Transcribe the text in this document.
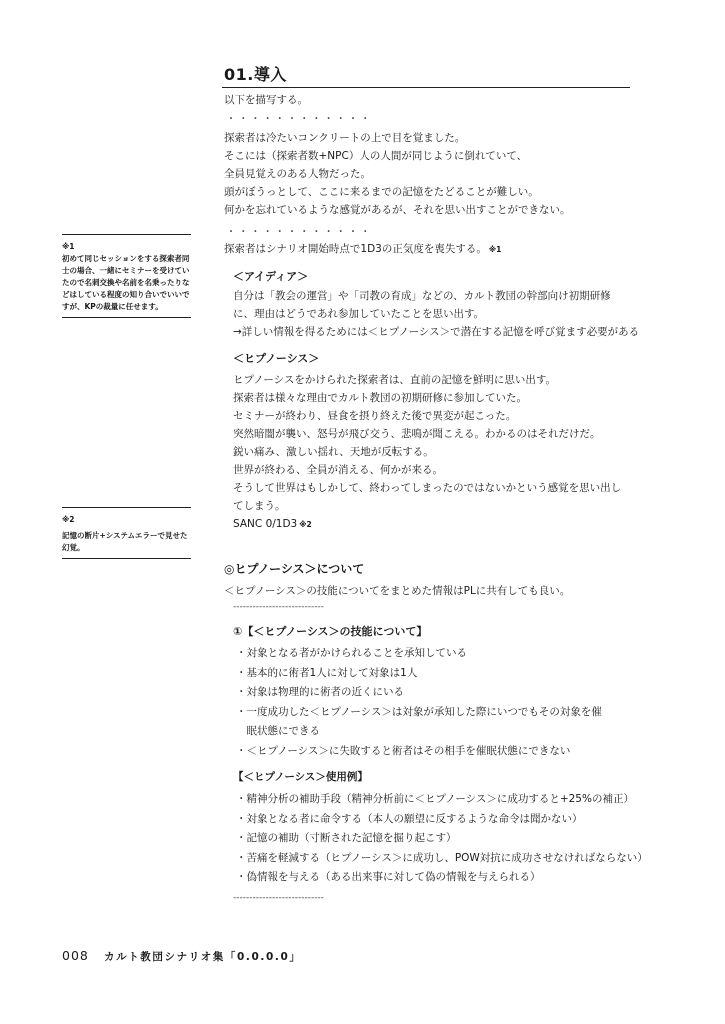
01.導入
以下を描写する。
・・・・・・・・・・・・
探索者は冷たいコンクリートの上で目を覚ました。
そこには（探索者数+NPC）人の人間が同じように倒れていて、
全員見覚えのある人物だった。
頭がぼうっとして、ここに来るまでの記憶をたどることが難しい。
何かを忘れているような感覚があるが、それを思い出すことができない。
・・・・・・・・・・・・
探索者はシナリオ開始時点で1D3の正気度を喪失する。 ※1
＜アイディア＞
自分は「教会の運営」や「司教の育成」などの、カルト教団の幹部向け初期研修
に、理由はどうであれ参加していたことを思い出す。
→詳しい情報を得るためには＜ヒプノーシス＞で潜在する記憶を呼び覚ます必要がある
＜ヒプノーシス＞
ヒプノーシスをかけられた探索者は、直前の記憶を鮮明に思い出す。
探索者は様々な理由でカルト教団の初期研修に参加していた。
セミナーが終わり、昼食を摂り終えた後で異変が起こった。
突然暗闇が襲い、怒号が飛び交う、悲鳴が聞こえる。わかるのはそれだけだ。
鋭い痛み、激しい揺れ、天地が反転する。
世界が終わる、全員が消える、何かが来る。
そうして世界はもしかして、終わってしまったのではないかという感覚を思い出し
てしまう。
SANC 0/1D3 ※2
◎ヒプノーシス＞について
＜ヒプノーシス＞の技能についてをまとめた情報はPLに共有しても良い。
----------------------------
①【＜ヒプノーシス＞の技能について】
・対象となる者がかけられることを承知している
・基本的に術者1人に対して対象は1人
・対象は物理的に術者の近くにいる
・一度成功した＜ヒプノーシス＞は対象が承知した際にいつでもその対象を催
　眠状態にできる
・＜ヒプノーシス＞に失敗すると術者はその相手を催眠状態にできない
【＜ヒプノーシス＞使用例】
・精神分析の補助手段（精神分析前に＜ヒプノーシス＞に成功すると+25%の補正）
・対象となる者に命令する（本人の願望に反するような命令は聞かない）
・記憶の補助（寸断された記憶を掘り起こす）
・苦痛を軽減する（ヒプノーシス＞に成功し、POW対抗に成功させなければならない）
・偽情報を与える（ある出来事に対して偽の情報を与えられる）
----------------------------
※1
初めて同じセッションをする探索者同士の場合、一緒にセミナーを受けていたので名刺交換や名前を名乗ったりなどはしている程度の知り合いでいいですが、KPの裁量に任せます。
※2
記憶の断片+システムエラーで見せた幻覚。
008 カルト教団シナリオ集「0.0.0.0」
